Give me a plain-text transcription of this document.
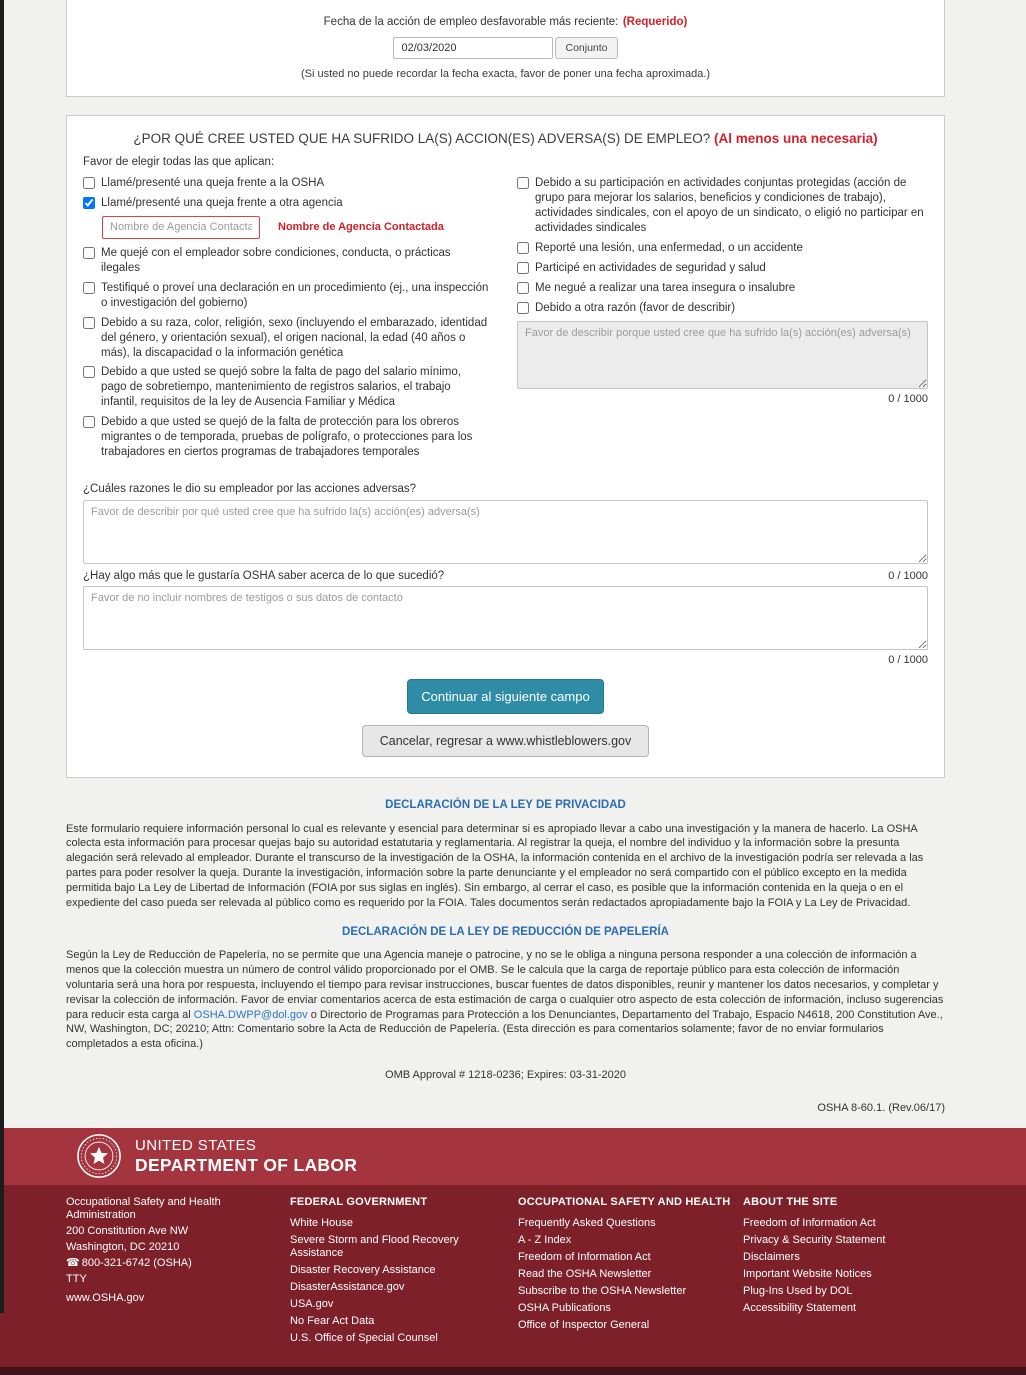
Fecha de la acción de empleo desfavorable más reciente: (Requerido)
02/03/2020
Conjunto
(Si usted no puede recordar la fecha exacta, favor de poner una fecha aproximada.)
¿POR QUÉ CREE USTED QUE HA SUFRIDO LA(S) ACCION(ES) ADVERSA(S) DE EMPLEO? (Al menos una necesaria)
Favor de elegir todas las que aplican:
Llamé/presenté una queja frente a la OSHA
Llamé/presenté una queja frente a otra agencia
Nombre de Agencia Contactada
Nombre de Agencia Contactada
Me quejé con el empleador sobre condiciones, conducta, o prácticas ilegales
Testifiqué o proveí una declaración en un procedimiento (ej., una inspección o investigación del gobierno)
Debido a su raza, color, religión, sexo (incluyendo el embarazado, identidad del género, y orientación sexual), el origen nacional, la edad (40 años o más), la discapacidad o la información genética
Debido a que usted se quejó sobre la falta de pago del salario mínimo, pago de sobretiempo, mantenimiento de registros salarios, el trabajo infantil, requisitos de la ley de Ausencia Familiar y Médica
Debido a que usted se quejó de la falta de protección para los obreros migrantes o de temporada, pruebas de polígrafo, o protecciones para los trabajadores en ciertos programas de trabajadores temporales
Debido a su participación en actividades conjuntas protegidas (acción de grupo para mejorar los salarios, beneficios y condiciones de trabajo), actividades sindicales, con el apoyo de un sindicato, o eligió no participar en actividades sindicales
Reporté una lesión, una enfermedad, o un accidente
Participé en actividades de seguridad y salud
Me negué a realizar una tarea insegura o insalubre
Debido a otra razón (favor de describir)
Favor de describir porque usted cree que ha sufrido la(s) acción(es) adversa(s)
0 / 1000
¿Cuáles razones le dio su empleador por las acciones adversas?
Favor de describir por qué usted cree que ha sufrido la(s) acción(es) adversa(s)
¿Hay algo más que le gustaría OSHA saber acerca de lo que sucedió?	0 / 1000
Favor de no incluir nombres de testigos o sus datos de contacto
0 / 1000
Continuar al siguiente campo
Cancelar, regresar a www.whistleblowers.gov
DECLARACIÓN DE LA LEY DE PRIVACIDAD

Este formulario requiere información personal lo cual es relevante y esencial para determinar si es apropiado llevar a cabo una investigación y la manera de hacerlo. La OSHA colecta esta información para procesar quejas bajo su autoridad estatutaria y reglamentaria. Al registrar la queja, el nombre del individuo y la información sobre la presunta alegación será relevado al empleador. Durante el transcurso de la investigación de la OSHA, la información contenida en el archivo de la investigación podría ser relevada a las partes para poder resolver la queja. Durante la investigación, información sobre la parte denunciante y el empleador no será compartido con el público excepto en la medida permitida bajo La Ley de Libertad de Información (FOIA por sus siglas en inglés). Sin embargo, al cerrar el caso, es posible que la información contenida en la queja o en el expediente del caso pueda ser relevada al público como es requerido por la FOIA. Tales documentos serán redactados apropiadamente bajo la FOIA y La Ley de Privacidad.

DECLARACIÓN DE LA LEY DE REDUCCIÓN DE PAPELERÍA

Según la Ley de Reducción de Papelería, no se permite que una Agencia maneje o patrocine, y no se le obliga a ninguna persona responder a una colección de información a menos que la colección muestra un número de control válido proporcionado por el OMB. Se le calcula que la carga de reportaje público para esta colección de información voluntaria será una hora por respuesta, incluyendo el tiempo para revisar instrucciones, buscar fuentes de datos disponibles, reunir y mantener los datos necesarios, y completar y revisar la colección de información. Favor de enviar comentarios acerca de esta estimación de carga o cualquier otro aspecto de esta colección de información, incluso sugerencias para reducir esta carga al OSHA.DWPP@dol.gov o Directorio de Programas para Protección a los Denunciantes, Departamento del Trabajo, Espacio N4618, 200 Constitution Ave., NW, Washington, DC; 20210; Attn: Comentario sobre la Acta de Reducción de Papelería. (Esta dirección es para comentarios solamente; favor de no enviar formularios completados a esta oficina.)

OMB Approval # 1218-0236; Expires: 03-31-2020
OSHA 8-60.1. (Rev.06/17)
UNITED STATES
DEPARTMENT OF LABOR
Occupational Safety and Health Administration
200 Constitution Ave NW
Washington, DC 20210
☎ 800-321-6742 (OSHA)
TTY
www.OSHA.gov
FEDERAL GOVERNMENT
White House
Severe Storm and Flood Recovery Assistance
Disaster Recovery Assistance
DisasterAssistance.gov
USA.gov
No Fear Act Data
U.S. Office of Special Counsel
OCCUPATIONAL SAFETY AND HEALTH
Frequently Asked Questions
A - Z Index
Freedom of Information Act
Read the OSHA Newsletter
Subscribe to the OSHA Newsletter
OSHA Publications
Office of Inspector General
ABOUT THE SITE
Freedom of Information Act
Privacy & Security Statement
Disclaimers
Important Website Notices
Plug-Ins Used by DOL
Accessibility Statement
